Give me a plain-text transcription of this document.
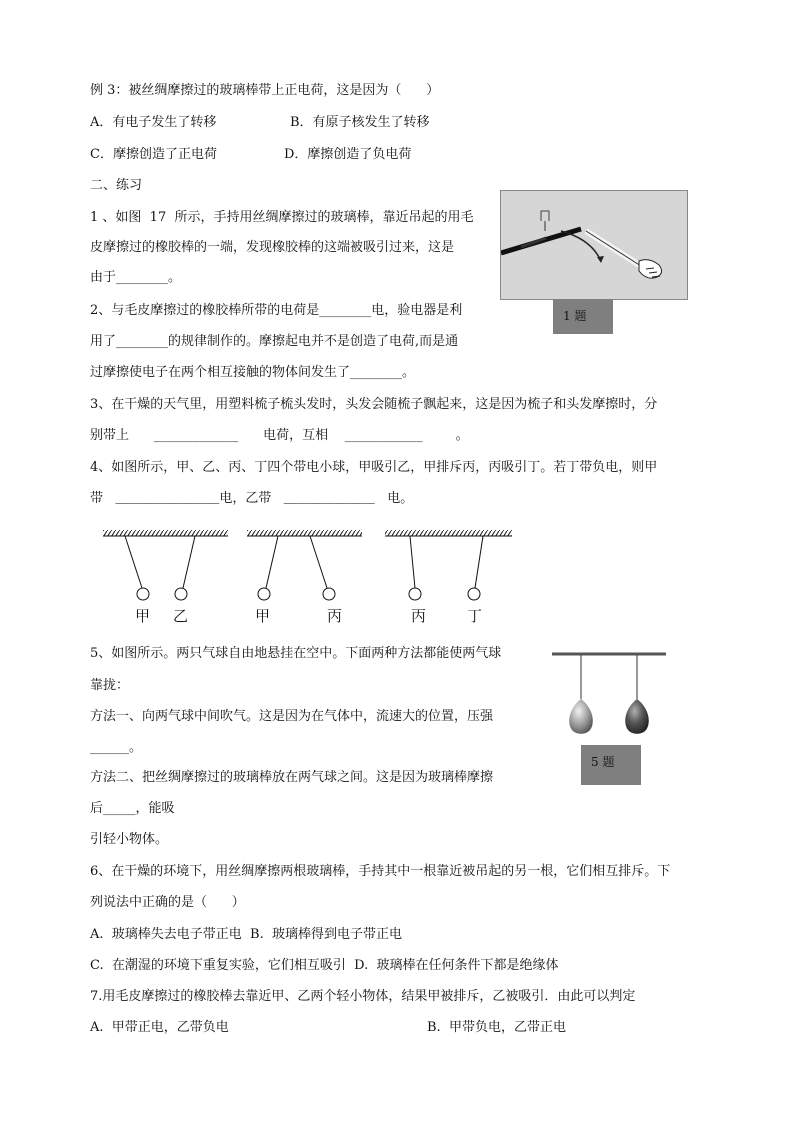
例 3：被丝绸摩擦过的玻璃棒带上正电荷，这是因为（      ）
A．有电子发生了转移	B．有原子核发生了转移
C．摩擦创造了正电荷	D．摩擦创造了负电荷
二、练习
1 、如图  17  所示，手持用丝绸摩擦过的玻璃棒，靠近吊起的用毛
皮摩擦过的橡胶棒的一端，发现橡胶棒的这端被吸引过来，这是
由于________。
1 题
2、与毛皮摩擦过的橡胶棒所带的电荷是________电，验电器是利
用了________的规律制作的。摩擦起电并不是创造了电荷,而是通
过摩擦使电子在两个相互接触的物体间发生了________。
3、在干燥的天气里，用塑料梳子梳头发时，头发会随梳子飘起来，这是因为梳子和头发摩擦时，分
别带上      _____________      电荷，互相    ____________        。
4、如图所示，甲、乙、丙、丁四个带电小球，甲吸引乙，甲排斥丙，丙吸引丁。若丁带负电，则甲
带   ＿＿＿＿＿＿＿＿电，乙带   ＿＿＿＿＿＿＿   电。
甲 乙	甲	丙	丙	丁
5、如图所示。两只气球自由地悬挂在空中。下面两种方法都能使两气球
靠拢：
方法一、向两气球中间吹气。这是因为在气体中，流速大的位置，压强
______。
方法二、把丝绸摩擦过的玻璃棒放在两气球之间。这是因为玻璃棒摩擦
后_____，能吸
引轻小物体。
5 题
6、在干燥的环境下，用丝绸摩擦两根玻璃棒，手持其中一根靠近被吊起的另一根，它们相互排斥。下
列说法中正确的是（      ）
A.  玻璃棒失去电子带正电  B.  玻璃棒得到电子带正电
C.  在潮湿的环境下重复实验，它们相互吸引  D.  玻璃棒在任何条件下都是绝缘体
7.用毛皮摩擦过的橡胶棒去靠近甲、乙两个轻小物体，结果甲被排斥，乙被吸引．由此可以判定
A.  甲带正电，乙带负电	B.  甲带负电，乙带正电
